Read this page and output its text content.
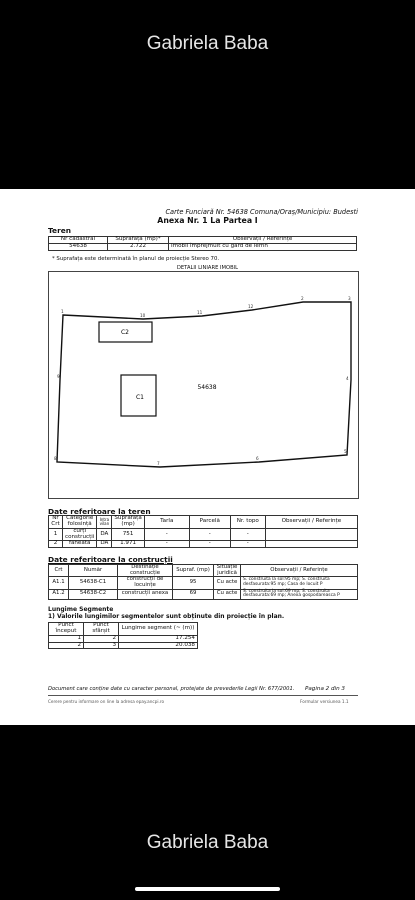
Gabriela Baba
Carte Funciară Nr. 54638 Comuna/Oraș/Municipiu: Budesti
Anexa Nr. 1 La Partea I
Teren
Nr cadastral	Suprafața (mp)*	Observații / Referințe
54638	2.722	Imobil împrejmuit cu gard de lemn
* Suprafața este determinată în planul de proiecție Stereo 70.
DETALII LINIARE IMOBIL
C2
C1
54638
1
10
11
12
2	3
4
5
6
7
8
9
Date referitoare la teren
Nr Crt	Categorie folosință	Intra vilan	Suprafața (mp)	Tarla	Parcelă	Nr. topo	Observații / Referințe
1	curți construcții	DA	751	-	-	-	
2	faneata	DA	1.971	-	-	-	
Date referitoare la construcții
Crt	Număr	Destinație construcție	Supraf. (mp)	Situație juridică	Observații / Referințe
A1.1	54638-C1	construcții de locuințe	95	Cu acte	S. construita la sol:95 mp; S. construita desfasurata:95 mp; Casa de locuit P
A1.2	54638-C2	construcții anexa	69	Cu acte	S. construita la sol:69 mp; S. construita desfasurata:69 mp; Anexa gospodareasca P
Lungime Segmente
1) Valorile lungimilor segmentelor sunt obținute din proiecție în plan.
Punct început	Punct sfârșit	Lungime segment (~ (m))
1	2	17.254
2	3	20.038
Document care conține date cu caracter personal, protejate de prevederile Legii Nr. 677/2001. Pagina 2 din 3
Cerere pentru informare on line la adresa epay.ancpi.ro	Formular versiunea 1.1
Gabriela Baba
